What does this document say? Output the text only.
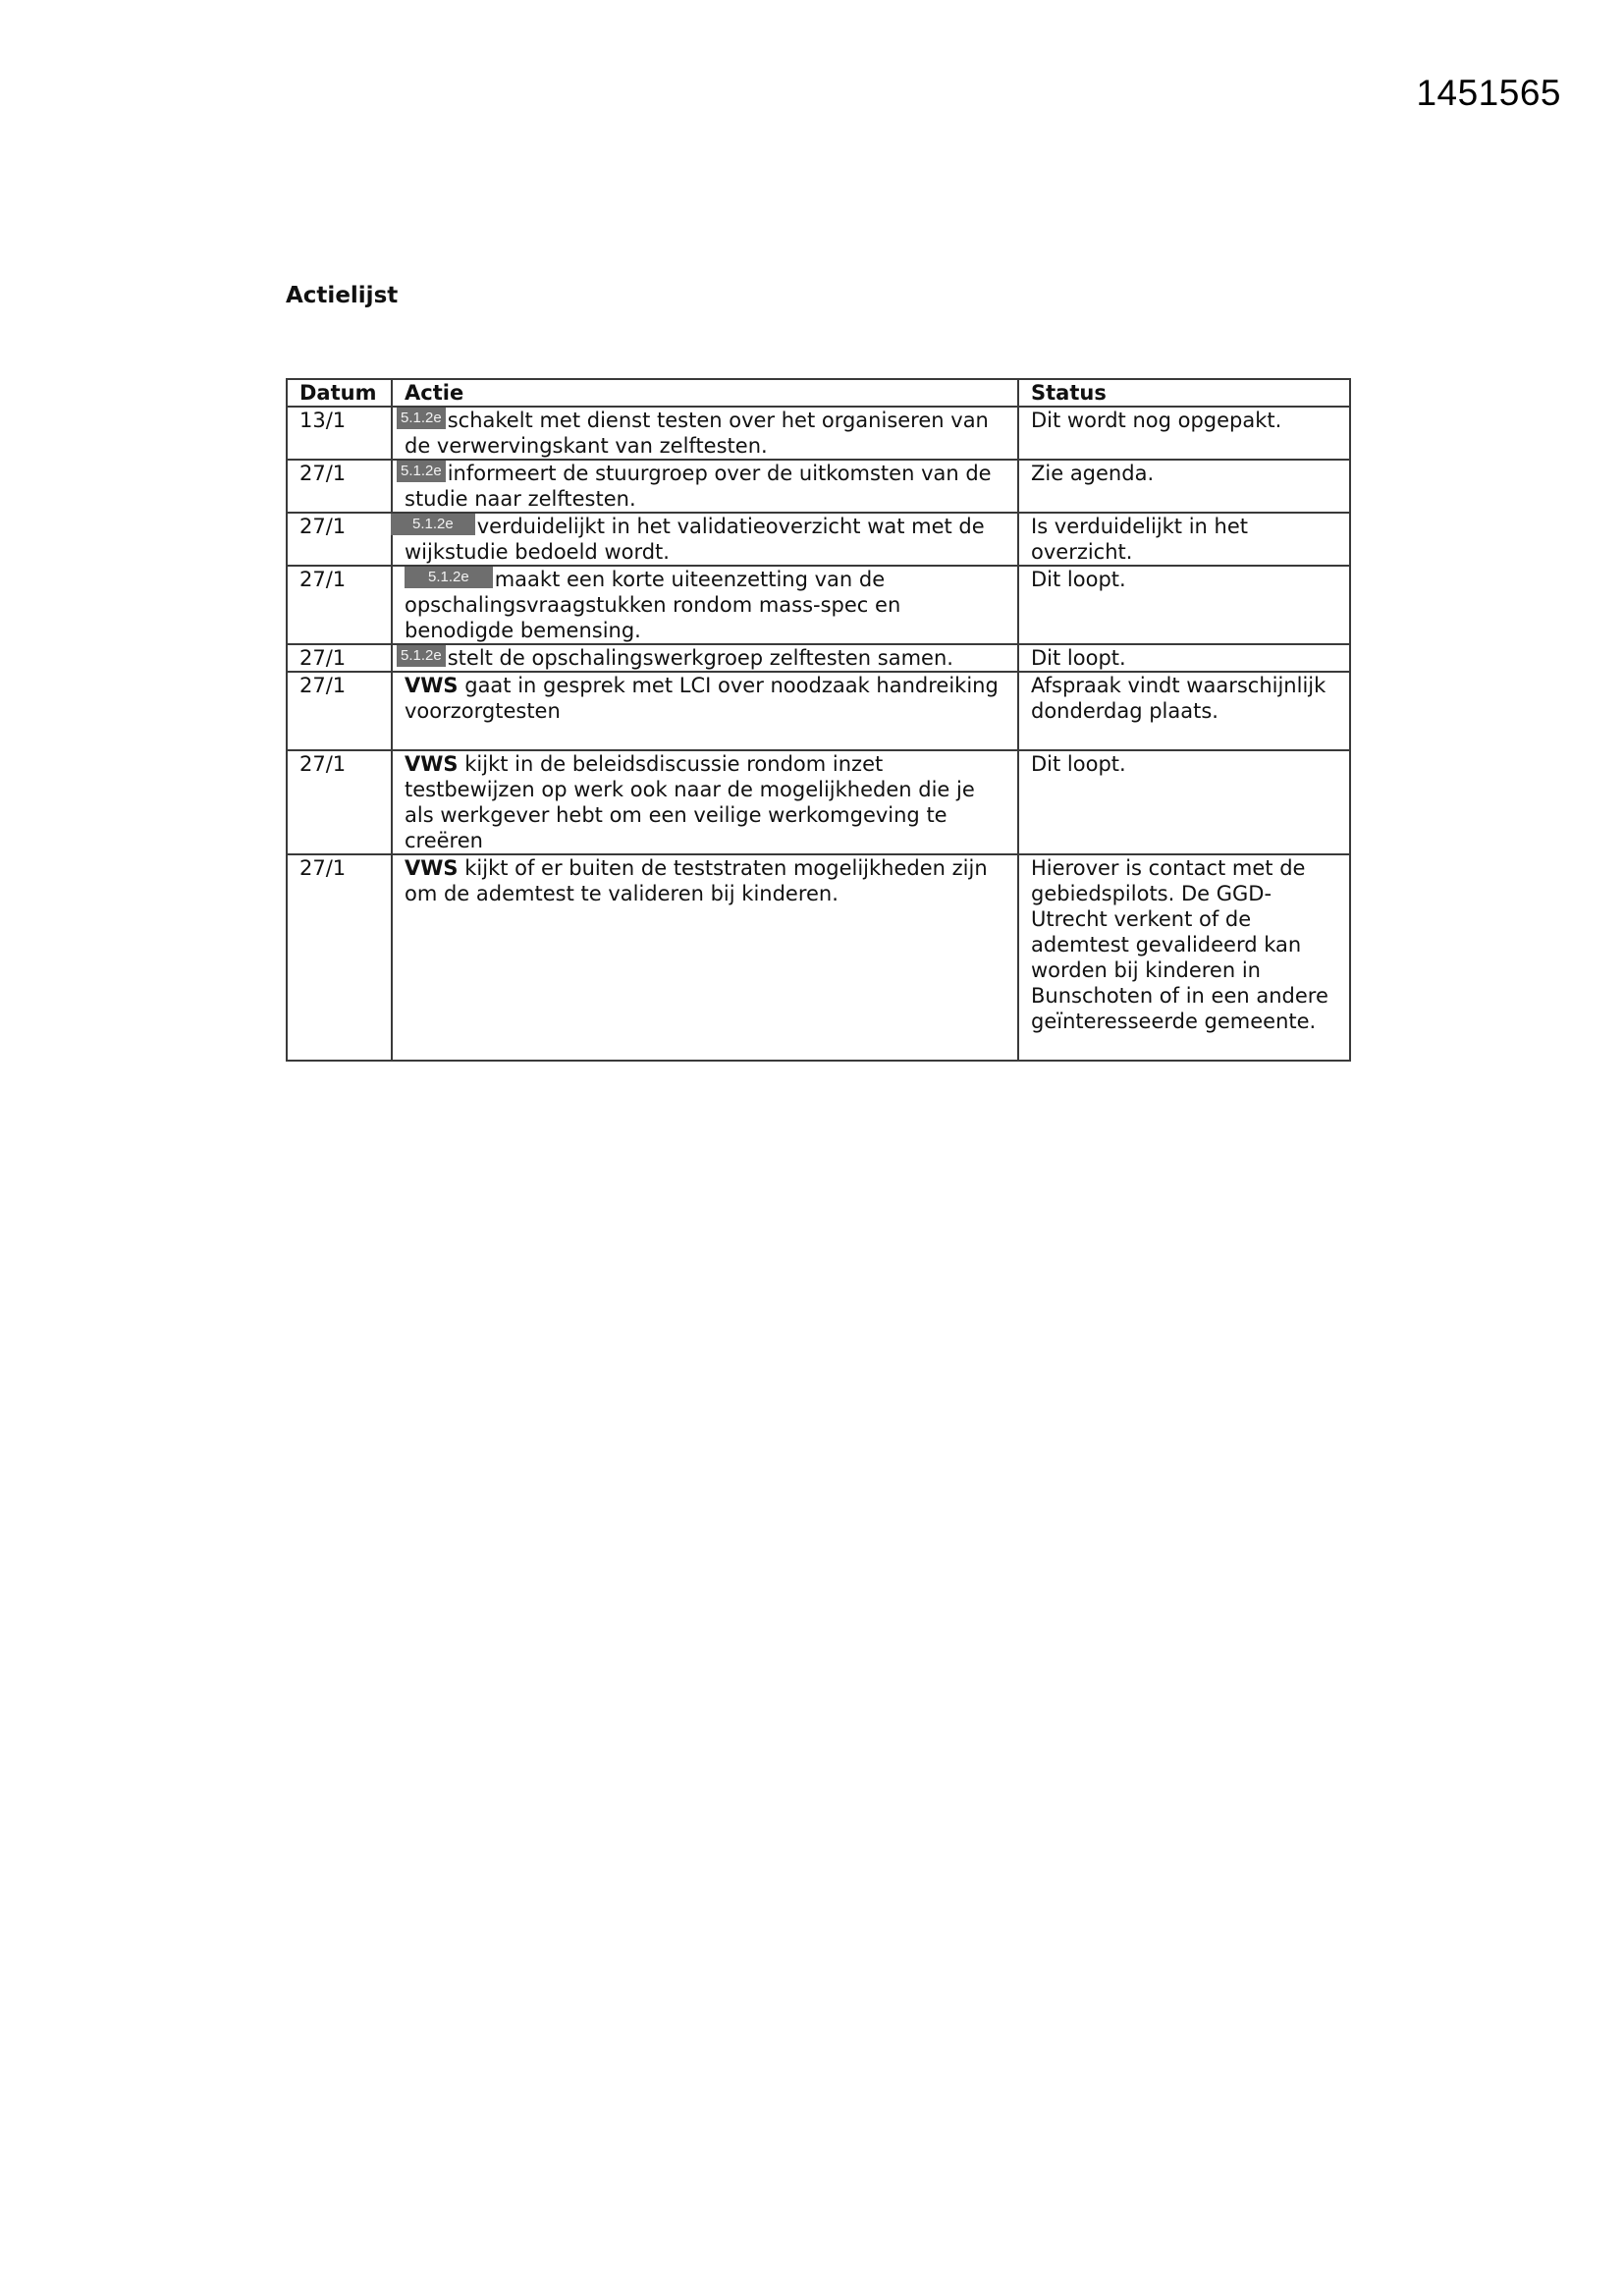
1451565
Actielijst
Datum	Actie	Status
13/1	5.1.2e schakelt met dienst testen over het organiseren van de verwervingskant van zelftesten.	Dit wordt nog opgepakt.
27/1	5.1.2e informeert de stuurgroep over de uitkomsten van de studie naar zelftesten.	Zie agenda.
27/1	5.1.2e verduidelijkt in het validatieoverzicht wat met de wijkstudie bedoeld wordt.	Is verduidelijkt in het overzicht.
27/1	5.1.2e maakt een korte uiteenzetting van de opschalingsvraagstukken rondom mass-spec en benodigde bemensing.	Dit loopt.
27/1	5.1.2e stelt de opschalingswerkgroep zelftesten samen.	Dit loopt.
27/1	VWS gaat in gesprek met LCI over noodzaak handreiking voorzorgtesten	Afspraak vindt waarschijnlijk donderdag plaats.
27/1	VWS kijkt in de beleidsdiscussie rondom inzet testbewijzen op werk ook naar de mogelijkheden die je als werkgever hebt om een veilige werkomgeving te creëren	Dit loopt.
27/1	VWS kijkt of er buiten de teststraten mogelijkheden zijn om de ademtest te valideren bij kinderen.	Hierover is contact met de gebiedspilots. De GGD-Utrecht verkent of de ademtest gevalideerd kan worden bij kinderen in Bunschoten of in een andere geïnteresseerde gemeente.
